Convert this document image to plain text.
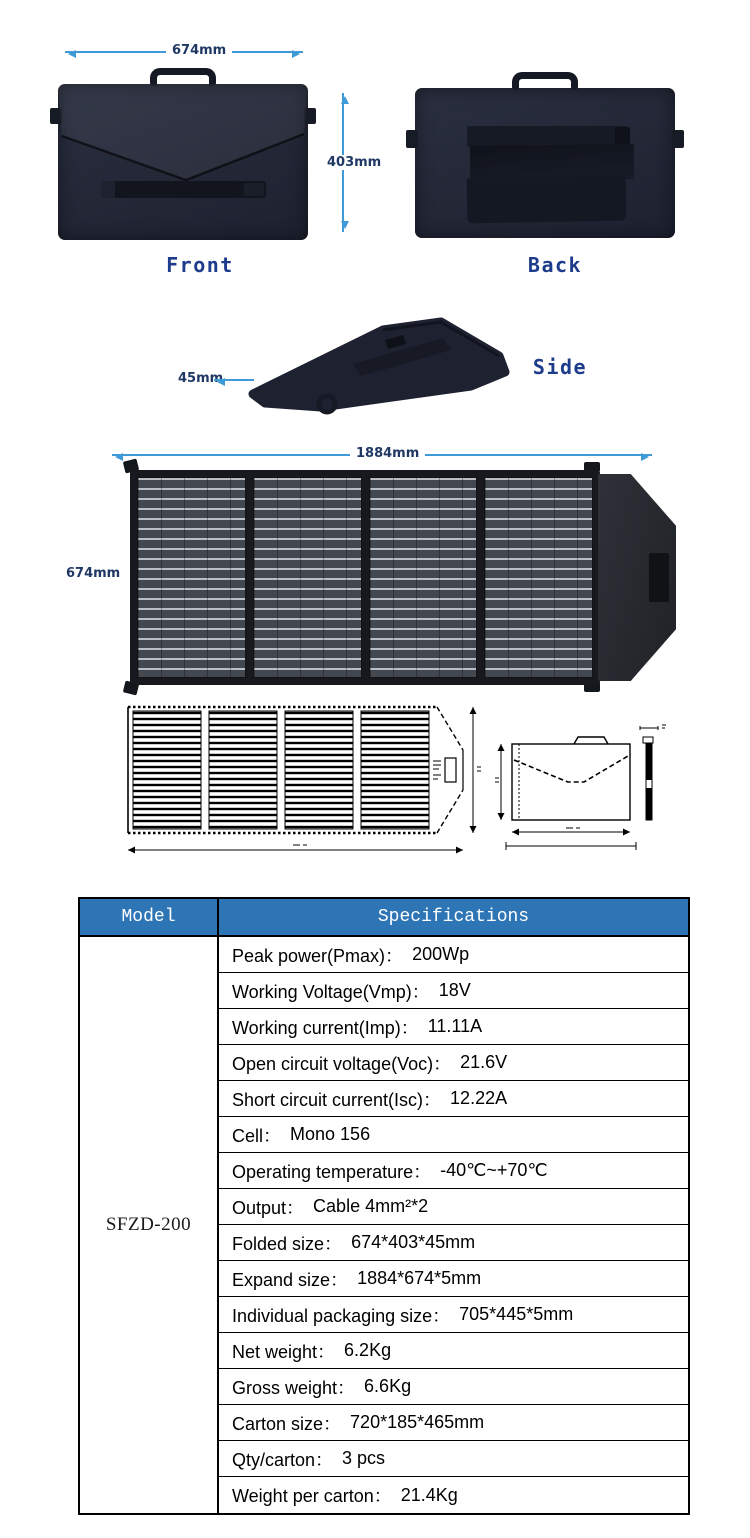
674mm
403mm
Front	Back
45mm	Side
1884mm
674mm
Model	Specifications
SFZD-200
Peak power(Pmax)： 200Wp
Working Voltage(Vmp)： 18V
Working current(Imp)： 11.11A
Open circuit voltage(Voc)： 21.6V
Short circuit current(Isc)： 12.22A
Cell： Mono 156
Operating temperature： -40℃~+70℃
Output： Cable 4mm²*2
Folded size： 674*403*45mm
Expand size： 1884*674*5mm
Individual packaging size： 705*445*5mm
Net weight： 6.2Kg
Gross weight： 6.6Kg
Carton size： 720*185*465mm
Qty/carton： 3 pcs
Weight per carton： 21.4Kg
